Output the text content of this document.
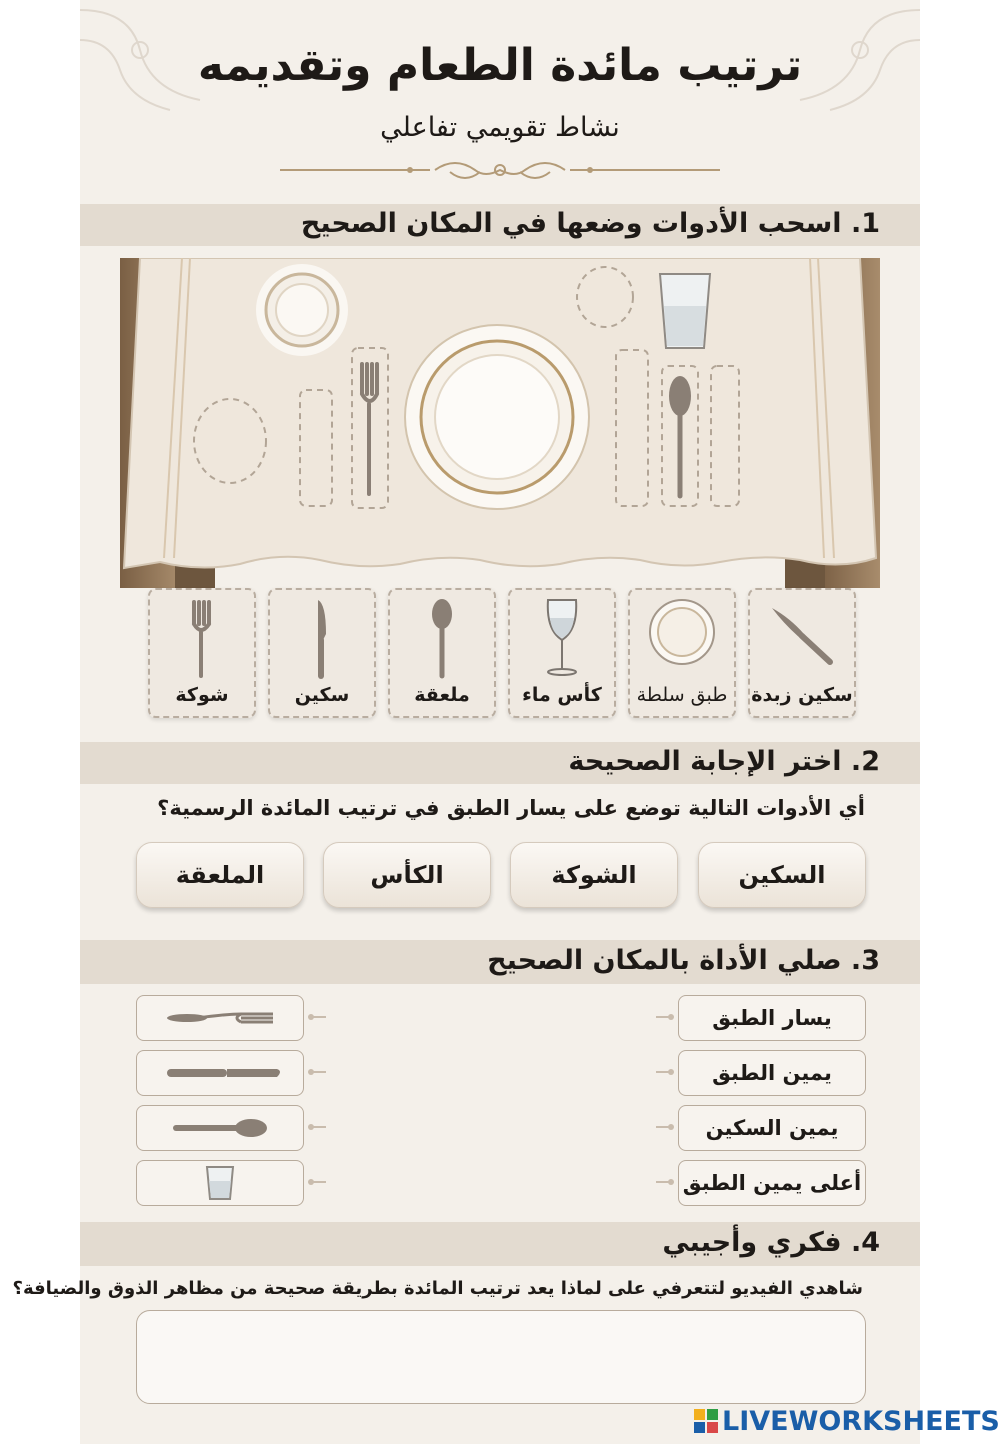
ترتيب مائدة الطعام وتقديمه
نشاط تقويمي تفاعلي
1. اسحب الأدوات وضعها في المكان الصحيح
شوكة	سكين	ملعقة	كأس ماء	طبق سلطة	سكين زبدة
2. اختر الإجابة الصحيحة
أي الأدوات التالية توضع على يسار الطبق في ترتيب المائدة الرسمية؟
الملعقة	الكأس	الشوكة	السكين
3. صلي الأداة بالمكان الصحيح
يسار الطبق
يمين الطبق
يمين السكين
أعلى يمين الطبق
4. فكري وأجيبي
شاهدي الفيديو لتتعرفي على لماذا يعد ترتيب المائدة بطريقة صحيحة من مظاهر الذوق والضيافة؟
LIVEWORKSHEETS
